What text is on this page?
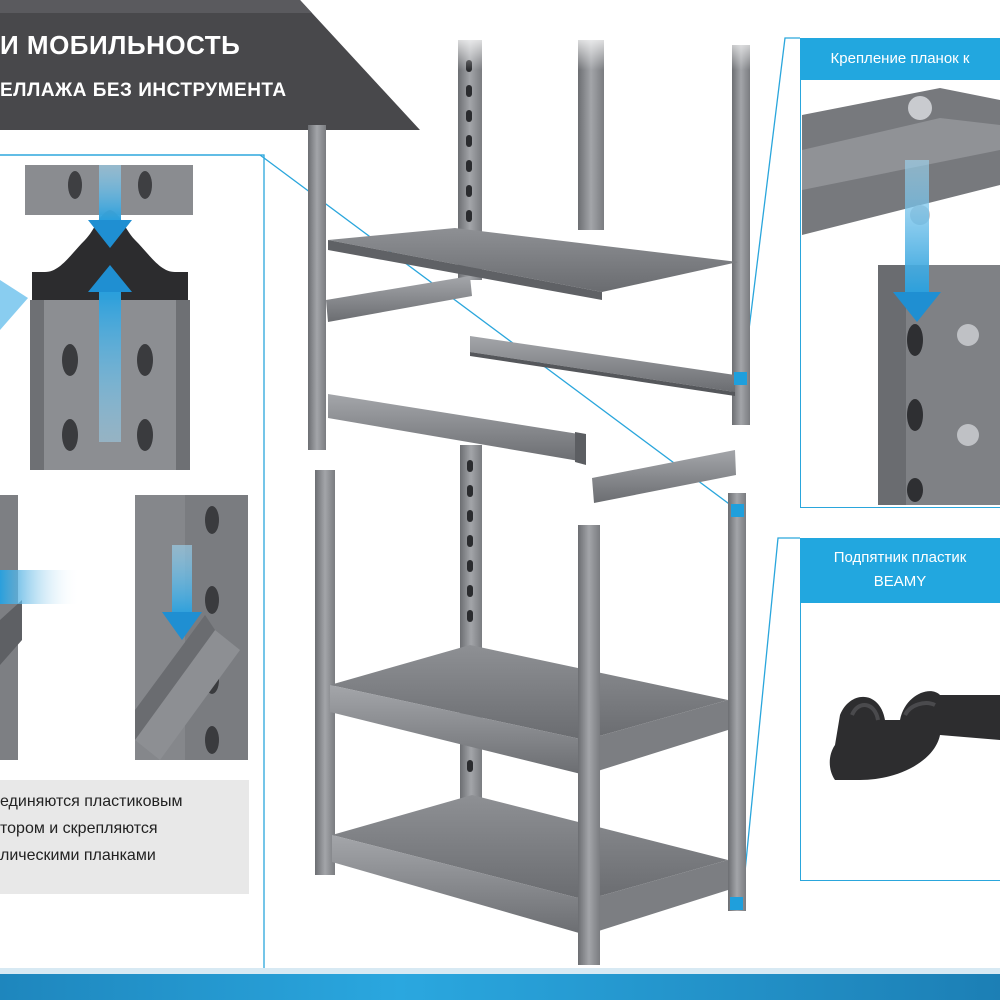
И МОБИЛЬНОСТЬ
ЕЛЛАЖА БЕЗ ИНСТРУМЕНТА
Крепление планок к
Подпятник пластик
BEAMY
единяются пластиковым
тором и скрепляются
лическими планками
